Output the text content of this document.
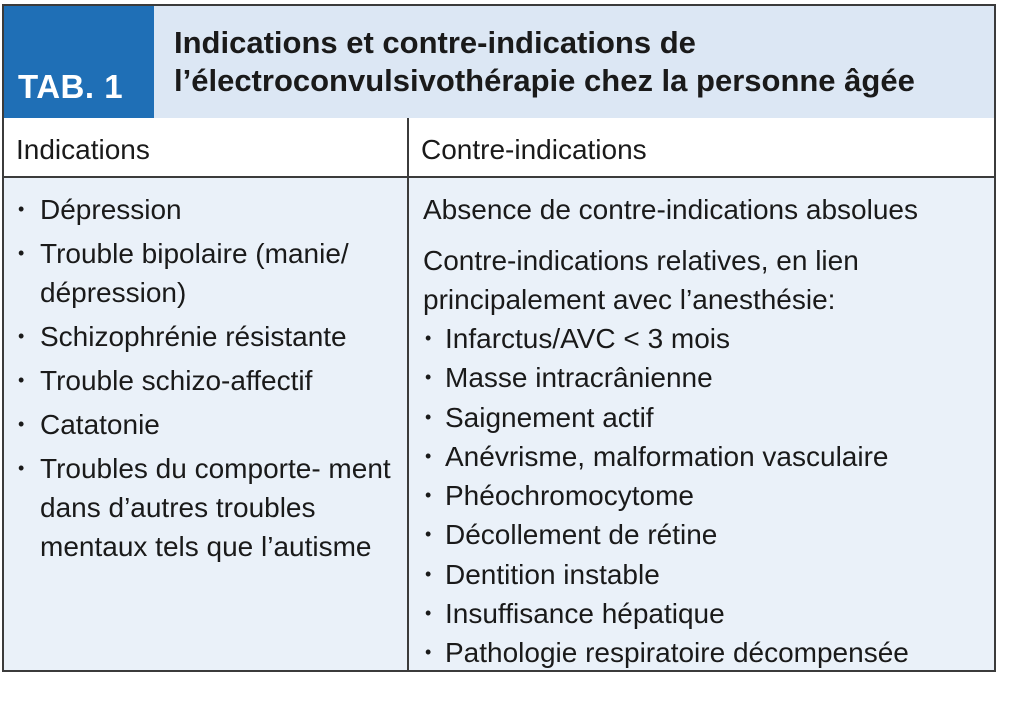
TAB. 1
Indications et contre-indications de
l’électroconvulsivothérapie chez la personne âgée
Indications	Contre-indications
• Dépression
• Trouble bipolaire (manie/ dépression)
• Schizophrénie résistante
• Trouble schizo-affectif
• Catatonie
• Troubles du comporte- ment dans d’autres troubles mentaux tels que l’autisme
Absence de contre-indications absolues
Contre-indications relatives, en lien
principalement avec l’anesthésie:
• Infarctus/AVC < 3 mois
• Masse intracrânienne
• Saignement actif
• Anévrisme, malformation vasculaire
• Phéochromocytome
• Décollement de rétine
• Dentition instable
• Insuffisance hépatique
• Pathologie respiratoire décompensée
